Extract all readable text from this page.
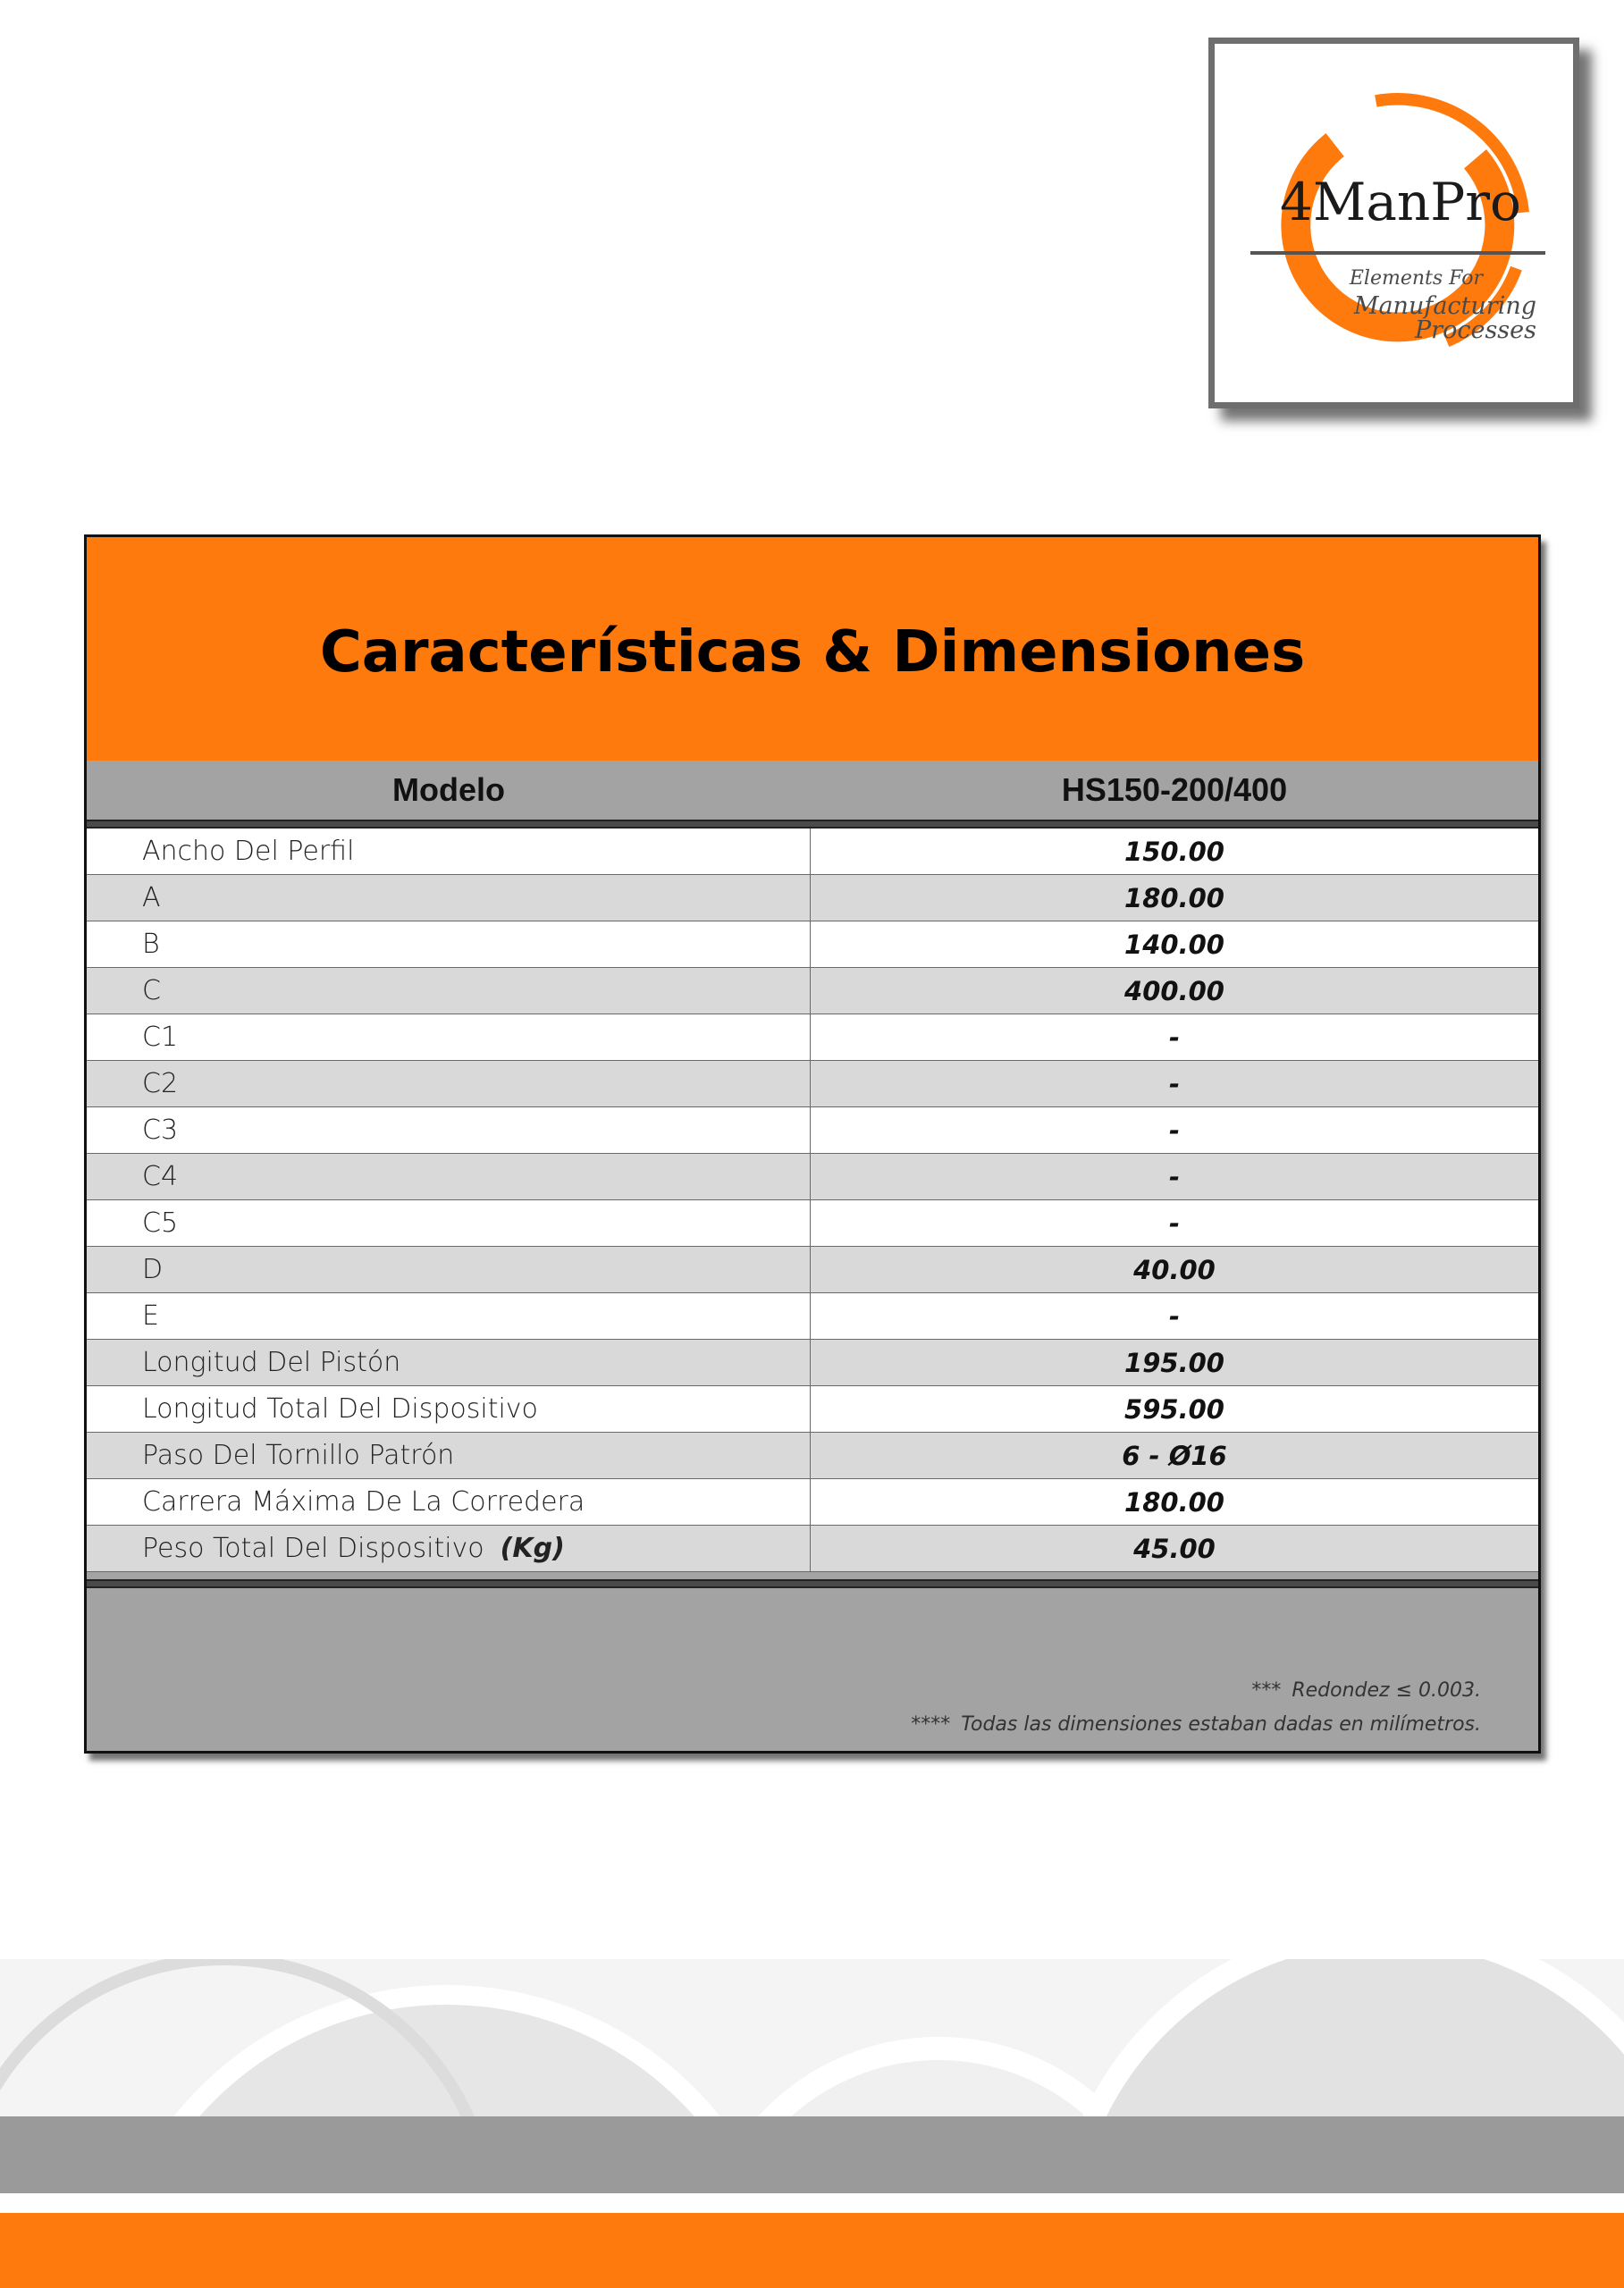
4ManPro
Elements For
Manufacturing Processes
Características & Dimensiones
Modelo	HS150-200/400
Ancho Del Perfil	150.00
A	180.00
B	140.00
C	400.00
C1	-
C2	-
C3	-
C4	-
C5	-
D	40.00
E	-
Longitud Del Pistón	195.00
Longitud Total Del Dispositivo	595.00
Paso Del Tornillo Patrón	6 - Ø16
Carrera Máxima De La Corredera	180.00
Peso Total Del Dispositivo (Kg)	45.00
*** Redondez ≤ 0.003.
**** Todas las dimensiones estaban dadas en milímetros.
